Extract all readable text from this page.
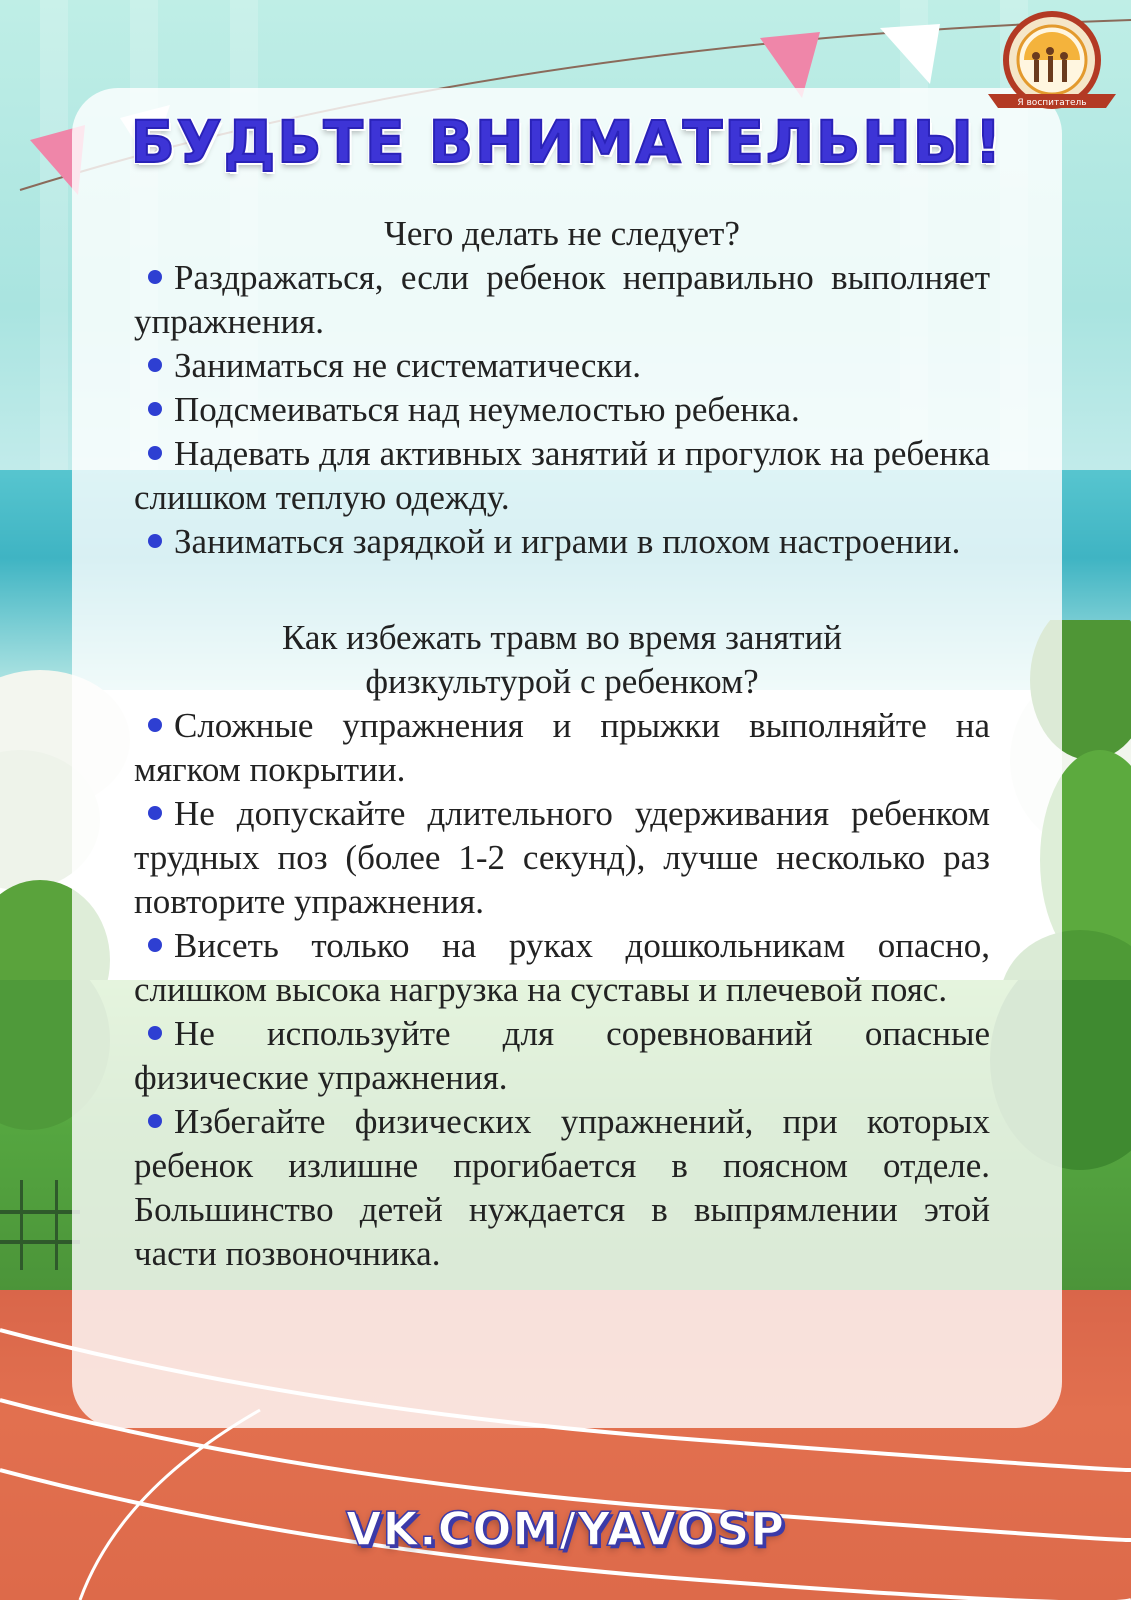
Я воспитатель
БУДЬТЕ ВНИМАТЕЛЬНЫ!

Чего делать не следует?

Раздражаться, если ребенок неправильно выполняет упражнения.

Заниматься не систематически.

Подсмеиваться над неумелостью ребенка.

Надевать для активных занятий и прогулок на ребенка слишком теплую одежду.

Заниматься зарядкой и играми в плохом настроении.

Как избежать травм во время занятий

физкультурой с ребенком?

Сложные упражнения и прыжки выполняйте на мягком покрытии.

Не допускайте длительного удерживания ребенком трудных поз (более 1-2 секунд), лучше несколько раз повторите упражнения.

Висеть только на руках дошкольникам опасно, слишком высока нагрузка на суставы и плечевой пояс.

Не используйте для соревнований опасные физические упражнения.

Избегайте физических упражнений, при которых ребенок излишне прогибается в поясном отделе. Большинство детей нуждается в выпрямлении этой части позвоночника.

VK.COM/YAVOSP
